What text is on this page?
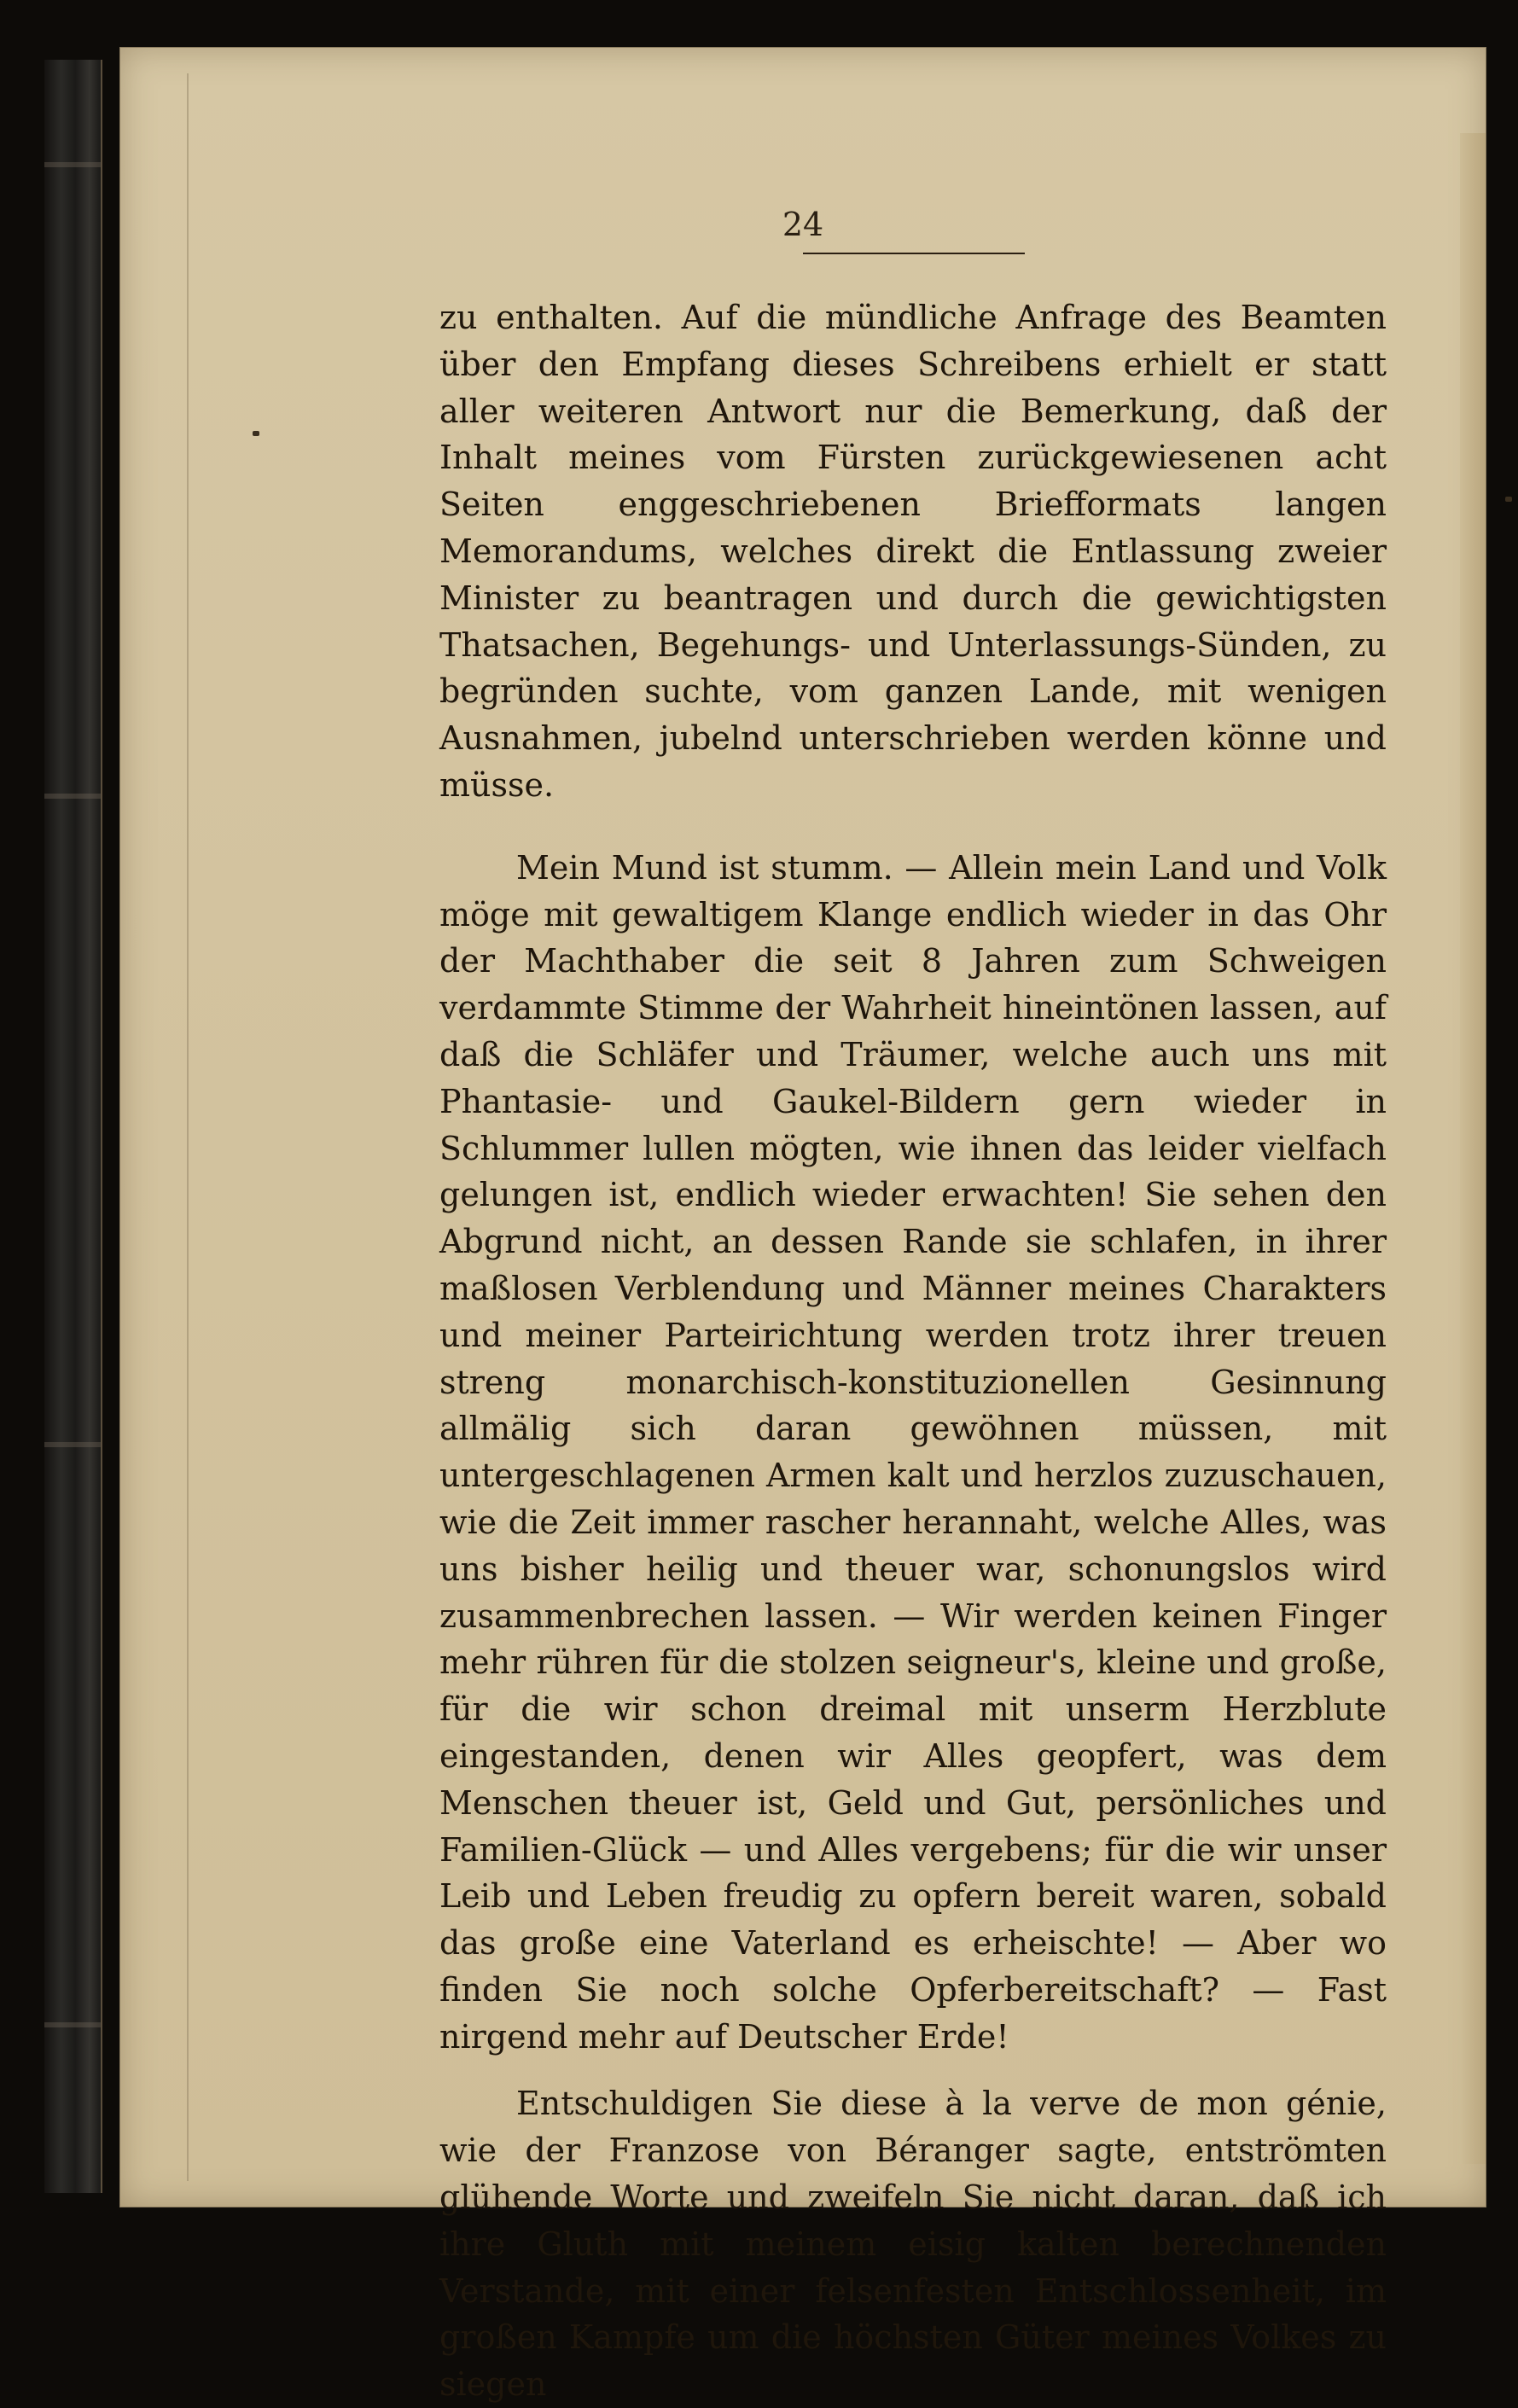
24

zu enthalten. Auf die mündliche Anfrage des Beamten über den Empfang dieses Schreibens erhielt er statt aller weiteren Antwort nur die Bemerkung, daß der Inhalt meines vom Fürsten zurückgewiesenen acht Seiten enggeschriebenen Briefformats langen Memorandums, welches direkt die Entlassung zweier Minister zu beantragen und durch die gewichtigsten Thatsachen, Begehungs- und Unterlassungs-Sünden, zu begründen suchte, vom ganzen Lande, mit wenigen Ausnahmen, jubelnd unterschrieben werden könne und müsse.

Mein Mund ist stumm. — Allein mein Land und Volk möge mit gewaltigem Klange endlich wieder in das Ohr der Machthaber die seit 8 Jahren zum Schweigen verdammte Stimme der Wahrheit hineintönen lassen, auf daß die Schläfer und Träumer, welche auch uns mit Phantasie- und Gaukel-Bildern gern wieder in Schlummer lullen mögten, wie ihnen das leider vielfach gelungen ist, endlich wieder erwachten! Sie sehen den Abgrund nicht, an dessen Rande sie schlafen, in ihrer maßlosen Verblendung und Männer meines Charakters und meiner Parteirichtung werden trotz ihrer treuen streng monarchisch-konstituzionellen Gesinnung allmälig sich daran gewöhnen müssen, mit untergeschlagenen Armen kalt und herzlos zuzuschauen, wie die Zeit immer rascher herannaht, welche Alles, was uns bisher heilig und theuer war, schonungslos wird zusammenbrechen lassen. — Wir werden keinen Finger mehr rühren für die stolzen seigneur's, kleine und große, für die wir schon dreimal mit unserm Herzblute eingestanden, denen wir Alles geopfert, was dem Menschen theuer ist, Geld und Gut, persönliches und Familien-Glück — und Alles vergebens; für die wir unser Leib und Leben freudig zu opfern bereit waren, sobald das große eine Vaterland es erheischte! — Aber wo finden Sie noch solche Opferbereitschaft? — Fast nirgend mehr auf Deutscher Erde!

Entschuldigen Sie diese à la verve de mon génie, wie der Franzose von Béranger sagte, entströmten glühende Worte und zweifeln Sie nicht daran, daß ich ihre Gluth mit meinem eisig kalten berechnenden Verstande, mit einer felsenfesten Entschlossenheit, im großen Kampfe um die höchsten Güter meines Volkes zu siegen
